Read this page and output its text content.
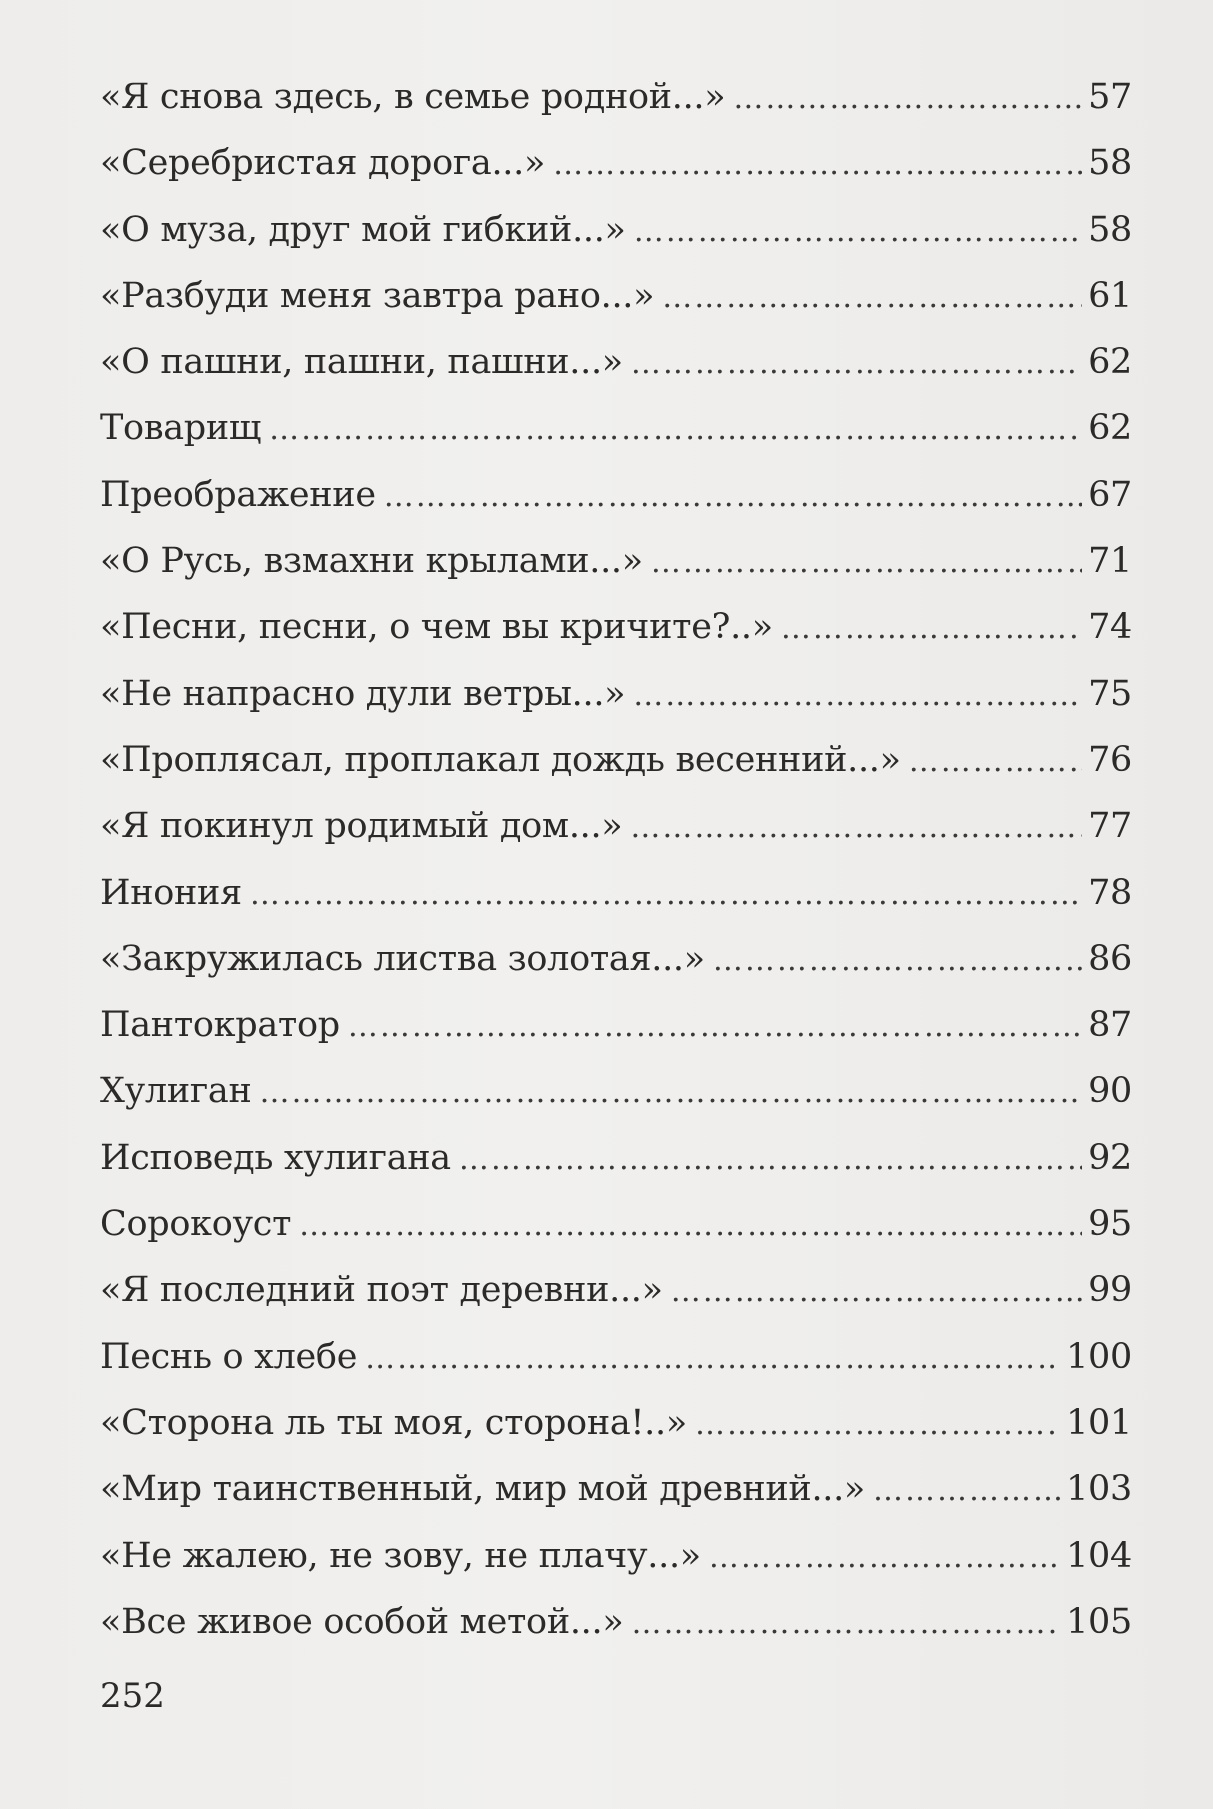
«Я снова здесь, в семье родной...» …………………………………………………………………………………………………………………………………………………………………	57
«Серебристая дорога...» …………………………………………………………………………………………………………………………………………………………………	58
«О муза, друг мой гибкий...» …………………………………………………………………………………………………………………………………………………………………	58
«Разбуди меня завтра рано...» …………………………………………………………………………………………………………………………………………………………………	61
«О пашни, пашни, пашни...» …………………………………………………………………………………………………………………………………………………………………	62
Товарищ …………………………………………………………………………………………………………………………………………………………………	62
Преображение …………………………………………………………………………………………………………………………………………………………………	67
«О Русь, взмахни крылами...» …………………………………………………………………………………………………………………………………………………………………	71
«Песни, песни, о чем вы кричите?..» …………………………………………………………………………………………………………………………………………………………………	74
«Не напрасно дули ветры...» …………………………………………………………………………………………………………………………………………………………………	75
«Проплясал, проплакал дождь весенний...» …………………………………………………………………………………………………………………………………………………………………	76
«Я покинул родимый дом...» …………………………………………………………………………………………………………………………………………………………………	77
Инония …………………………………………………………………………………………………………………………………………………………………	78
«Закружилась листва золотая...» …………………………………………………………………………………………………………………………………………………………………	86
Пантократор …………………………………………………………………………………………………………………………………………………………………	87
Хулиган …………………………………………………………………………………………………………………………………………………………………	90
Исповедь хулигана …………………………………………………………………………………………………………………………………………………………………	92
Сорокоуст …………………………………………………………………………………………………………………………………………………………………	95
«Я последний поэт деревни...» …………………………………………………………………………………………………………………………………………………………………	99
Песнь о хлебе …………………………………………………………………………………………………………………………………………………………………	100
«Сторона ль ты моя, сторона!..» …………………………………………………………………………………………………………………………………………………………………	101
«Мир таинственный, мир мой древний...» …………………………………………………………………………………………………………………………………………………………………	103
«Не жалею, не зову, не плачу...» …………………………………………………………………………………………………………………………………………………………………	104
«Все живое особой метой...» …………………………………………………………………………………………………………………………………………………………………	105
252
